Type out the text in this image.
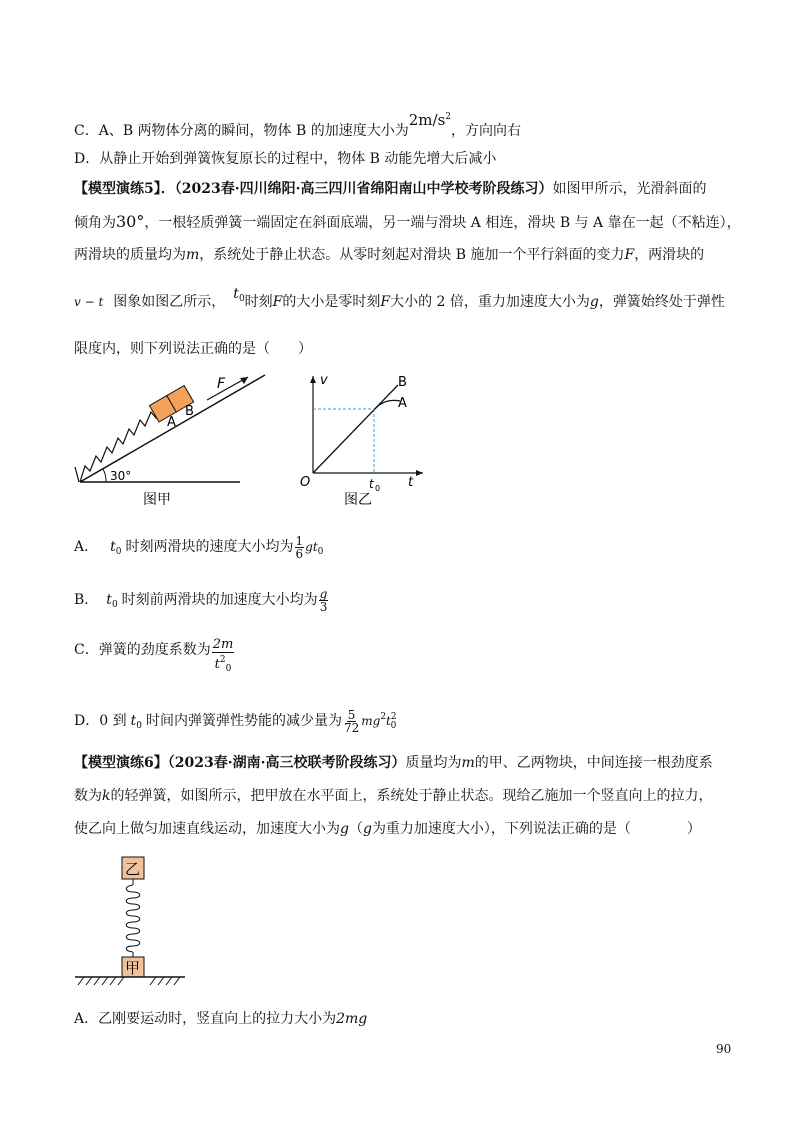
C．A、B 两物体分离的瞬间，物体 B 的加速度大小为$2m/s^2$，方向向右
D．从静止开始到弹簧恢复原长的过程中，物体 B 动能先增大后减小
【模型演练5】．（2023春·四川绵阳·高三四川省绵阳南山中学校考阶段练习）如图甲所示，光滑斜面的
倾角为30°，一根轻质弹簧一端固定在斜面底端，另一端与滑块 A 相连，滑块 B 与 A 靠在一起（不粘连），
两滑块的质量均为m，系统处于静止状态。从零时刻起对滑块 B 施加一个平行斜面的变力F，两滑块的
v − t 图象如图乙所示， $t_0$时刻F的大小是零时刻F大小的 2 倍，重力加速度大小为g，弹簧始终处于弹性
限度内，则下列说法正确的是（　　）
A
B
F
30°
图甲
v	B
A
O	t 0 t
图乙
A． $t_0$ 时刻两滑块的速度大小均为 $\frac{1}{6} gt_0$
B． $t_0$ 时刻前两滑块的加速度大小均为 $\frac{g}{3}$
C．弹簧的劲度系数为 $\frac{2m}{t^2_0}$
D．0 到 $t_0$ 时间内弹簧弹性势能的减少量为 $\frac{5}{72} mg^2t^2_0$
【模型演练6】（2023春·湖南·高三校联考阶段练习）质量均为m的甲、乙两物块，中间连接一根劲度系
数为k的轻弹簧，如图所示，把甲放在水平面上，系统处于静止状态。现给乙施加一个竖直向上的拉力，
使乙向上做匀加速直线运动，加速度大小为g（g为重力加速度大小），下列说法正确的是（　　　　）
乙
甲
A．乙刚要运动时，竖直向上的拉力大小为2mg
90
